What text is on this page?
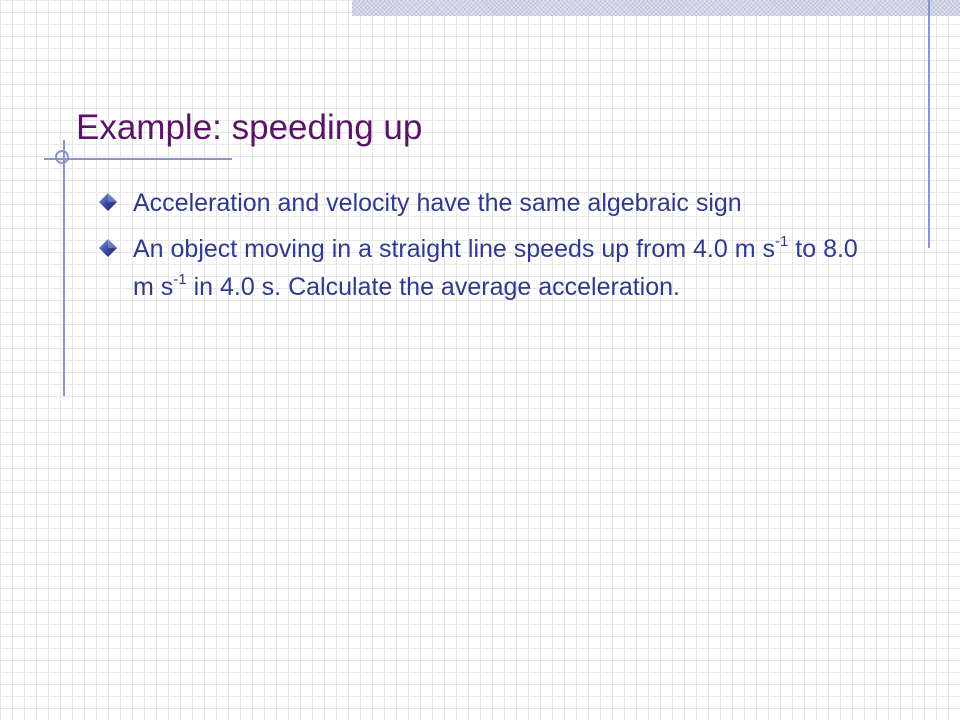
Example: speeding up
Acceleration and velocity have the same algebraic sign
An object moving in a straight line speeds up from 4.0 m $s^{-1}$ to 8.0 m $s^{-1}$ in 4.0 s. Calculate the average acceleration.
